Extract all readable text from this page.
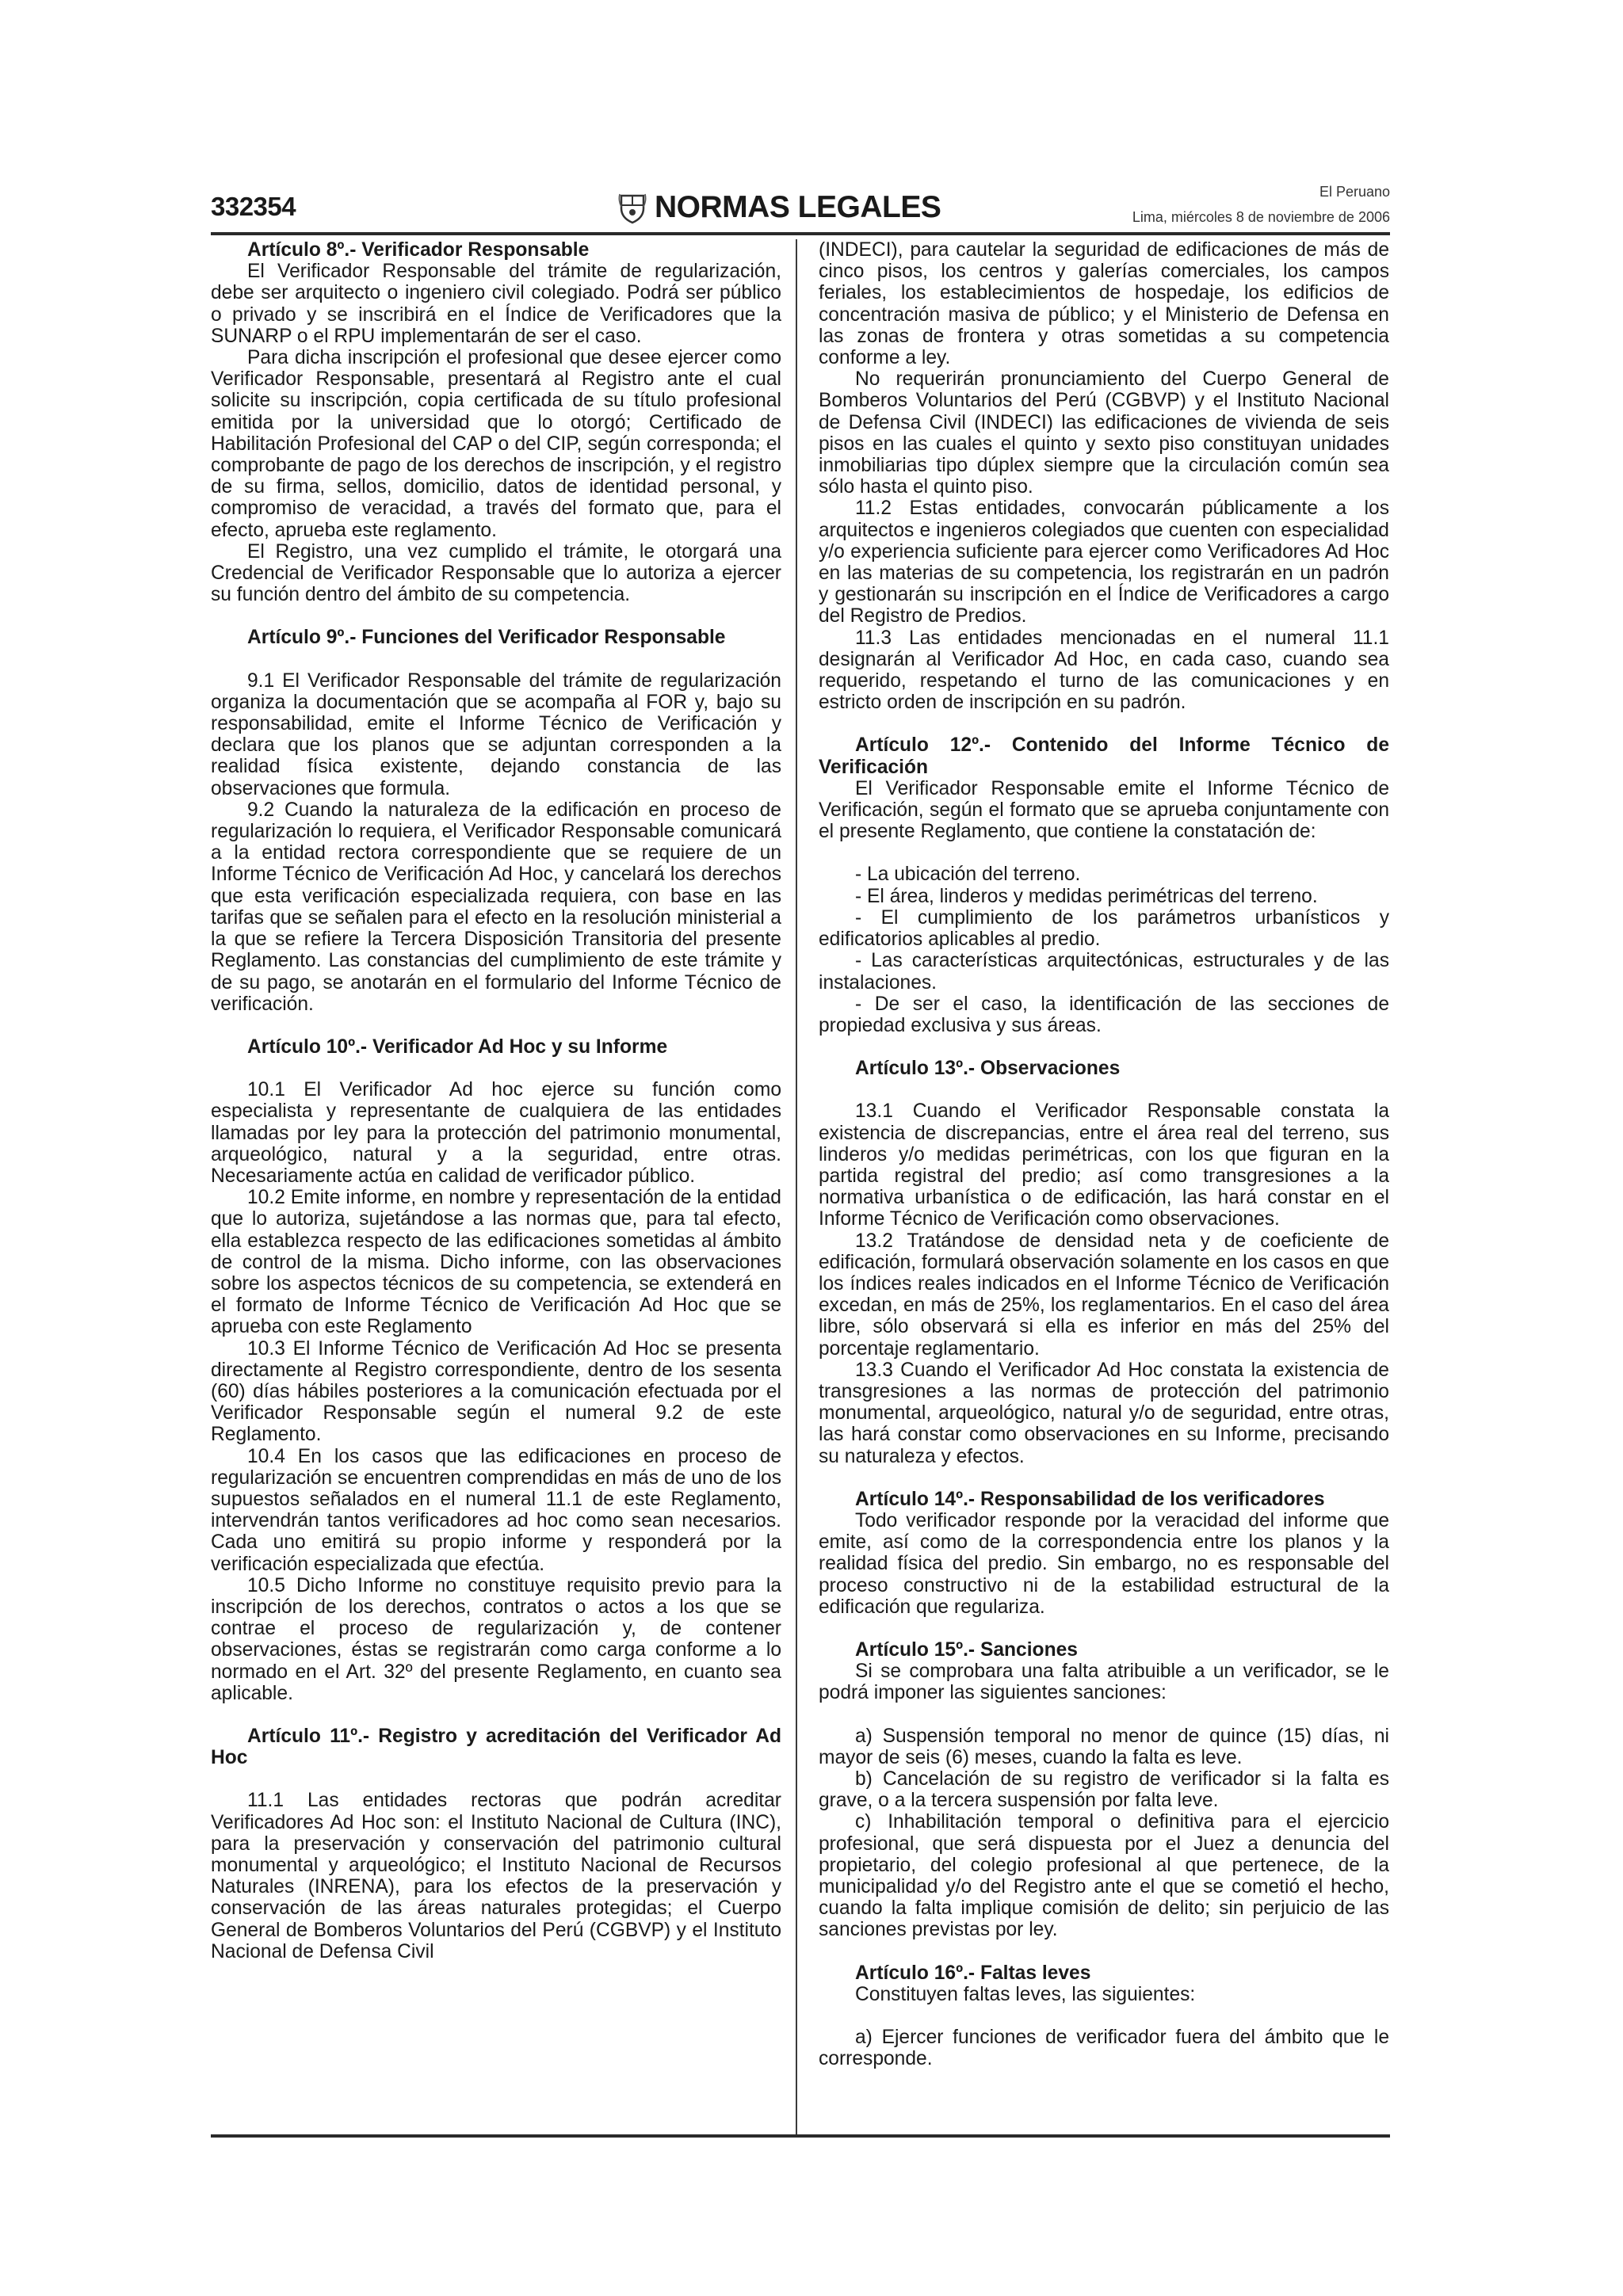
332354	NORMAS LEGALES	El Peruano
Lima, miércoles 8 de noviembre de 2006

Artículo 8º.- Verificador Responsable

El Verificador Responsable del trámite de regularización, debe ser arquitecto o ingeniero civil colegiado. Podrá ser público o privado y se inscribirá en el Índice de Verificadores que la SUNARP o el RPU implementarán de ser el caso.

Para dicha inscripción el profesional que desee ejercer como Verificador Responsable, presentará al Registro ante el cual solicite su inscripción, copia certificada de su título profesional emitida por la universidad que lo otorgó; Certificado de Habilitación Profesional del CAP o del CIP, según corresponda; el comprobante de pago de los derechos de inscripción, y el registro de su firma, sellos, domicilio, datos de identidad personal, y compromiso de veracidad, a través del formato que, para el efecto, aprueba este reglamento.

El Registro, una vez cumplido el trámite, le otorgará una Credencial de Verificador Responsable que lo autoriza a ejercer su función dentro del ámbito de su competencia.

Artículo 9º.- Funciones del Verificador Responsable

9.1 El Verificador Responsable del trámite de regularización organiza la documentación que se acompaña al FOR y, bajo su responsabilidad, emite el Informe Técnico de Verificación y declara que los planos que se adjuntan corresponden a la realidad física existente, dejando constancia de las observaciones que formula.

9.2 Cuando la naturaleza de la edificación en proceso de regularización lo requiera, el Verificador Responsable comunicará a la entidad rectora correspondiente que se requiere de un Informe Técnico de Verificación Ad Hoc, y cancelará los derechos que esta verificación especializada requiera, con base en las tarifas que se señalen para el efecto en la resolución ministerial a la que se refiere la Tercera Disposición Transitoria del presente Reglamento. Las constancias del cumplimiento de este trámite y de su pago, se anotarán en el formulario del Informe Técnico de verificación.

Artículo 10º.- Verificador Ad Hoc y su Informe

10.1 El Verificador Ad hoc ejerce su función como especialista y representante de cualquiera de las entidades llamadas por ley para la protección del patrimonio monumental, arqueológico, natural y a la seguridad, entre otras. Necesariamente actúa en calidad de verificador público.

10.2 Emite informe, en nombre y representación de la entidad que lo autoriza, sujetándose a las normas que, para tal efecto, ella establezca respecto de las edificaciones sometidas al ámbito de control de la misma. Dicho informe, con las observaciones sobre los aspectos técnicos de su competencia, se extenderá en el formato de Informe Técnico de Verificación Ad Hoc que se aprueba con este Reglamento

10.3 El Informe Técnico de Verificación Ad Hoc se presenta directamente al Registro correspondiente, dentro de los sesenta (60) días hábiles posteriores a la comunicación efectuada por el Verificador Responsable según el numeral 9.2 de este Reglamento.

10.4 En los casos que las edificaciones en proceso de regularización se encuentren comprendidas en más de uno de los supuestos señalados en el numeral 11.1 de este Reglamento, intervendrán tantos verificadores ad hoc como sean necesarios. Cada uno emitirá su propio informe y responderá por la verificación especializada que efectúa.

10.5 Dicho Informe no constituye requisito previo para la inscripción de los derechos, contratos o actos a los que se contrae el proceso de regularización y, de contener observaciones, éstas se registrarán como carga conforme a lo normado en el Art. 32º del presente Reglamento, en cuanto sea aplicable.

Artículo 11º.- Registro y acreditación del Verificador Ad Hoc

11.1 Las entidades rectoras que podrán acreditar Verificadores Ad Hoc son: el Instituto Nacional de Cultura (INC), para la preservación y conservación del patrimonio cultural monumental y arqueológico; el Instituto Nacional de Recursos Naturales (INRENA), para los efectos de la preservación y conservación de las áreas naturales protegidas; el Cuerpo General de Bomberos Voluntarios del Perú (CGBVP) y el Instituto Nacional de Defensa Civil

(INDECI), para cautelar la seguridad de edificaciones de más de cinco pisos, los centros y galerías comerciales, los campos feriales, los establecimientos de hospedaje, los edificios de concentración masiva de público; y el Ministerio de Defensa en las zonas de frontera y otras sometidas a su competencia conforme a ley.

No requerirán pronunciamiento del Cuerpo General de Bomberos Voluntarios del Perú (CGBVP) y el Instituto Nacional de Defensa Civil (INDECI) las edificaciones de vivienda de seis pisos en las cuales el quinto y sexto piso constituyan unidades inmobiliarias tipo dúplex siempre que la circulación común sea sólo hasta el quinto piso.

11.2 Estas entidades, convocarán públicamente a los arquitectos e ingenieros colegiados que cuenten con especialidad y/o experiencia suficiente para ejercer como Verificadores Ad Hoc en las materias de su competencia, los registrarán en un padrón y gestionarán su inscripción en el Índice de Verificadores a cargo del Registro de Predios.

11.3 Las entidades mencionadas en el numeral 11.1 designarán al Verificador Ad Hoc, en cada caso, cuando sea requerido, respetando el turno de las comunicaciones y en estricto orden de inscripción en su padrón.

Artículo 12º.- Contenido del Informe Técnico de Verificación

El Verificador Responsable emite el Informe Técnico de Verificación, según el formato que se aprueba conjuntamente con el presente Reglamento, que contiene la constatación de:

- La ubicación del terreno.

- El área, linderos y medidas perimétricas del terreno.

- El cumplimiento de los parámetros urbanísticos y edificatorios aplicables al predio.

- Las características arquitectónicas, estructurales y de las instalaciones.

- De ser el caso, la identificación de las secciones de propiedad exclusiva y sus áreas.

Artículo 13º.- Observaciones

13.1 Cuando el Verificador Responsable constata la existencia de discrepancias, entre el área real del terreno, sus linderos y/o medidas perimétricas, con los que figuran en la partida registral del predio; así como transgresiones a la normativa urbanística o de edificación, las hará constar en el Informe Técnico de Verificación como observaciones.

13.2 Tratándose de densidad neta y de coeficiente de edificación, formulará observación solamente en los casos en que los índices reales indicados en el Informe Técnico de Verificación excedan, en más de 25%, los reglamentarios. En el caso del área libre, sólo observará si ella es inferior en más del 25% del porcentaje reglamentario.

13.3 Cuando el Verificador Ad Hoc constata la existencia de transgresiones a las normas de protección del patrimonio monumental, arqueológico, natural y/o de seguridad, entre otras, las hará constar como observaciones en su Informe, precisando su naturaleza y efectos.

Artículo 14º.- Responsabilidad de los verificadores

Todo verificador responde por la veracidad del informe que emite, así como de la correspondencia entre los planos y la realidad física del predio. Sin embargo, no es responsable del proceso constructivo ni de la estabilidad estructural de la edificación que regulariza.

Artículo 15º.- Sanciones

Si se comprobara una falta atribuible a un verificador, se le podrá imponer las siguientes sanciones:

a) Suspensión temporal no menor de quince (15) días, ni mayor de seis (6) meses, cuando la falta es leve.

b) Cancelación de su registro de verificador si la falta es grave, o a la tercera suspensión por falta leve.

c) Inhabilitación temporal o definitiva para el ejercicio profesional, que será dispuesta por el Juez a denuncia del propietario, del colegio profesional al que pertenece, de la municipalidad y/o del Registro ante el que se cometió el hecho, cuando la falta implique comisión de delito; sin perjuicio de las sanciones previstas por ley.

Artículo 16º.- Faltas leves

Constituyen faltas leves, las siguientes:

a) Ejercer funciones de verificador fuera del ámbito que le corresponde.
